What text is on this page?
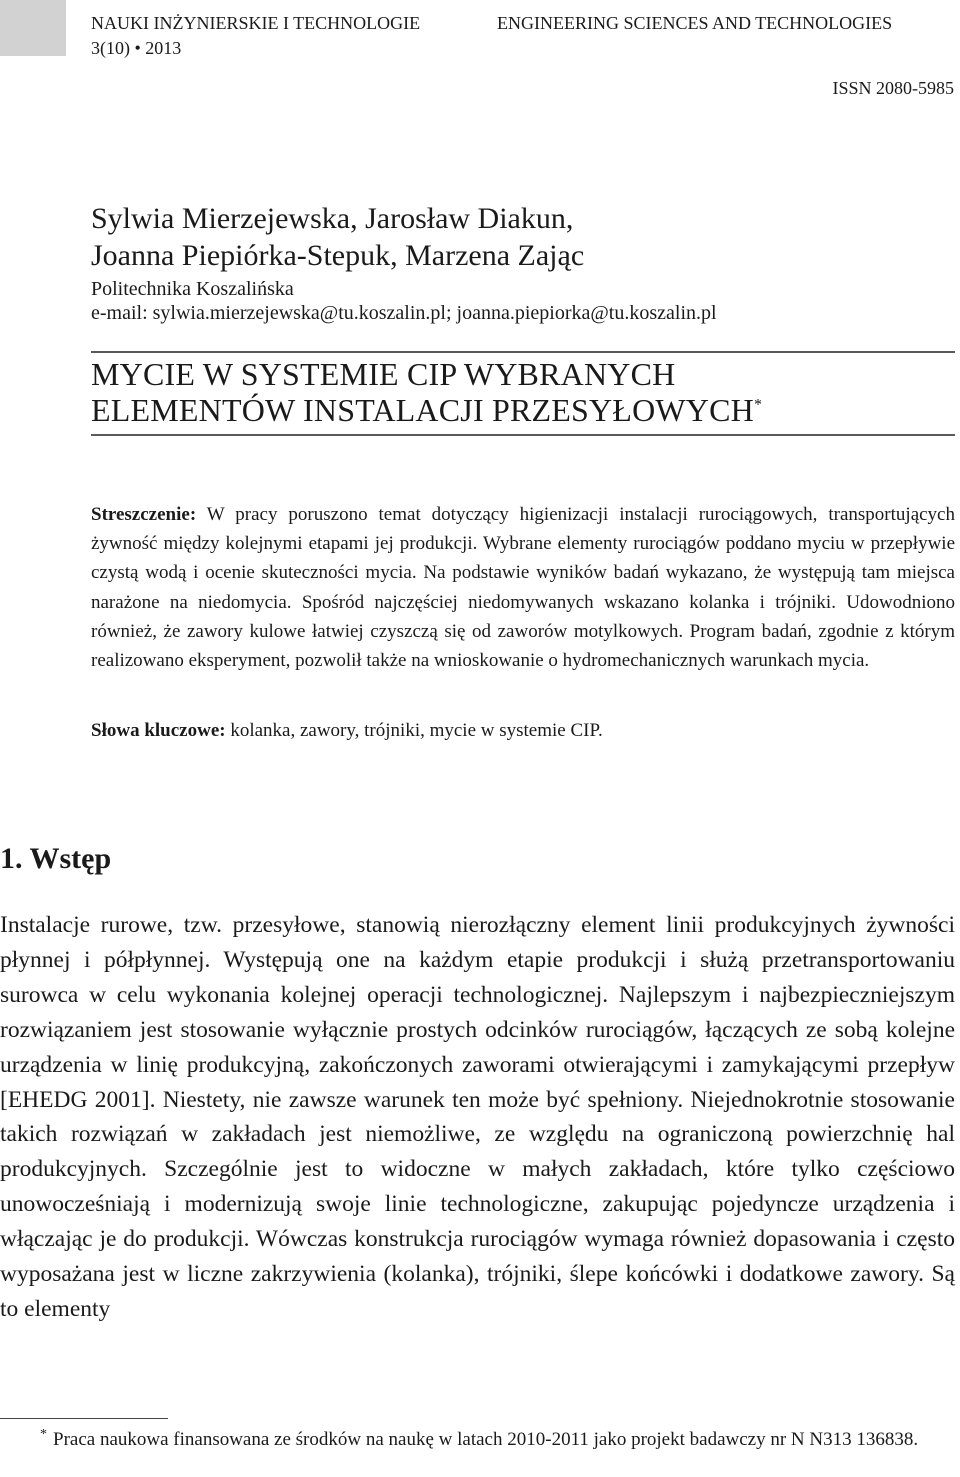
NAUKI INŻYNIERSKIE I TECHNOLOGIE	ENGINEERING SCIENCES AND TECHNOLOGIES
3(10) • 2013
ISSN 2080-5985
Sylwia Mierzejewska, Jarosław Diakun,
Joanna Piepiórka-Stepuk, Marzena Zając
Politechnika Koszalińska
e-mail: sylwia.mierzejewska@tu.koszalin.pl; joanna.piepiorka@tu.koszalin.pl
MYCIE W SYSTEMIE CIP WYBRANYCH
ELEMENTÓW INSTALACJI PRZESYŁOWYCH*
Streszczenie: W pracy poruszono temat dotyczący higienizacji instalacji rurociągowych, transportujących żywność między kolejnymi etapami jej produkcji. Wybrane elementy rurociągów poddano myciu w przepływie czystą wodą i ocenie skuteczności mycia. Na podstawie wyników badań wykazano, że występują tam miejsca narażone na niedomycia. Spośród najczęściej niedomywanych wskazano kolanka i trójniki. Udowodniono również, że zawory kulowe łatwiej czyszczą się od zaworów motylkowych. Program badań, zgodnie z którym realizowano eksperyment, pozwolił także na wnioskowanie o hydromechanicznych warunkach mycia.
Słowa kluczowe: kolanka, zawory, trójniki, mycie w systemie CIP.
1. Wstęp
Instalacje rurowe, tzw. przesyłowe, stanowią nierozłączny element linii produkcyjnych żywności płynnej i półpłynnej. Występują one na każdym etapie produkcji i służą przetransportowaniu surowca w celu wykonania kolejnej operacji technologicznej. Najlepszym i najbezpieczniejszym rozwiązaniem jest stosowanie wyłącznie prostych odcinków rurociągów, łączących ze sobą kolejne urządzenia w linię produkcyjną, zakończonych zaworami otwierającymi i zamykającymi przepływ [EHEDG 2001]. Niestety, nie zawsze warunek ten może być spełniony. Niejednokrotnie stosowanie takich rozwiązań w zakładach jest niemożliwe, ze względu na ograniczoną powierzchnię hal produkcyjnych. Szczególnie jest to widoczne w małych zakładach, które tylko częściowo unowocześniają i modernizują swoje linie technologiczne, zakupując pojedyncze urządzenia i włączając je do produkcji. Wówczas konstrukcja rurociągów wymaga również dopasowania i często wyposażana jest w liczne zakrzywienia (kolanka), trójniki, ślepe końcówki i dodatkowe zawory. Są to elementy
* Praca naukowa finansowana ze środków na naukę w latach 2010-2011 jako projekt badawczy nr N N313 136838.
